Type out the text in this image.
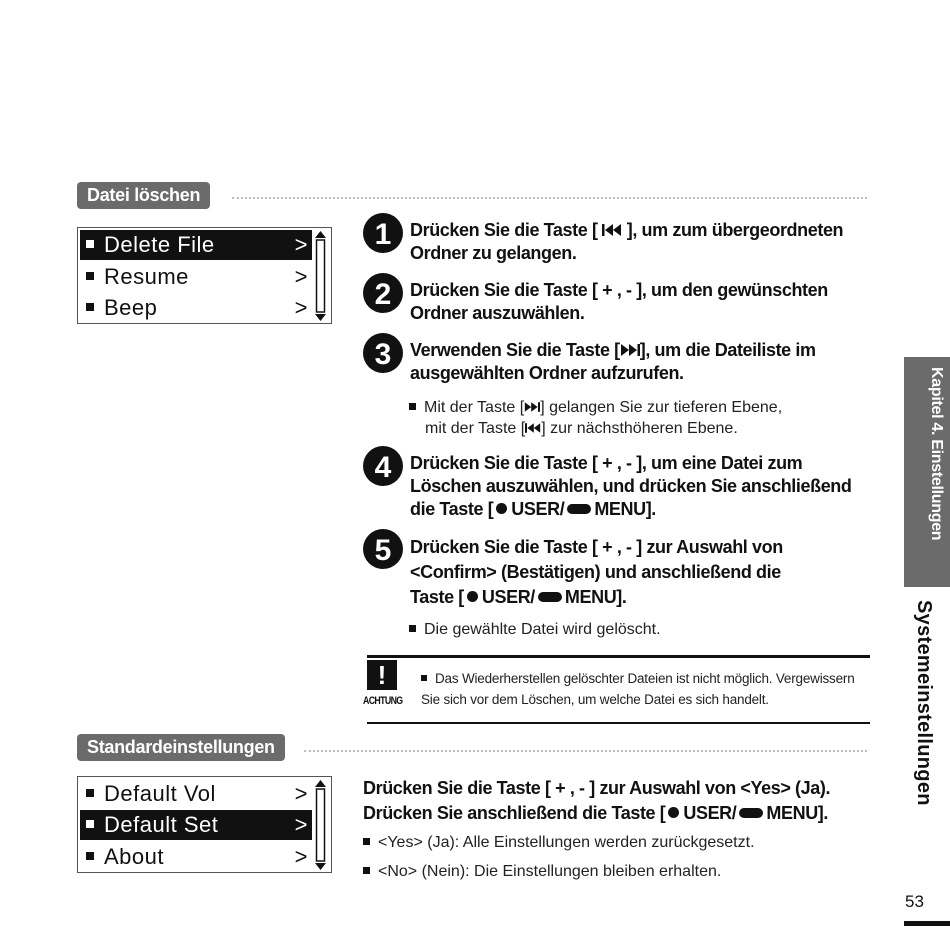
Datei löschen
Delete File	>
Resume	>
Beep	>
1 Drücken Sie die Taste [  ], um zum übergeordneten
Ordner zu gelangen.
2 Drücken Sie die Taste [ + , - ], um den gewünschten
Ordner auszuwählen.
3 Verwenden Sie die Taste [ ], um die Dateiliste im
ausgewählten Ordner aufzurufen.
Mit der Taste [ ] gelangen Sie zur tieferen Ebene,
mit der Taste [ ] zur nächsthöheren Ebene.
4 Drücken Sie die Taste [ + , - ], um eine Datei zum
Löschen auszuwählen, und drücken Sie anschließend
die Taste [ USER/ MENU].
5 Drücken Sie die Taste [ + , - ] zur Auswahl von
<Confirm> (Bestätigen) und anschließend die
Taste [ USER/ MENU].
Die gewählte Datei wird gelöscht.
!
ACHTUNG
Das Wiederherstellen gelöschter Dateien ist nicht möglich. Vergewissern Sie sich vor dem Löschen, um welche Datei es sich handelt.
Standardeinstellungen
Default Vol	>
Default Set	>
About	>
Drücken Sie die Taste [ + , - ] zur Auswahl von <Yes> (Ja).
Drücken Sie anschließend die Taste [ USER/ MENU].
<Yes> (Ja): Alle Einstellungen werden zurückgesetzt.
<No> (Nein): Die Einstellungen bleiben erhalten.
Kapitel 4. Einstellungen
Systemeinstellungen
53
